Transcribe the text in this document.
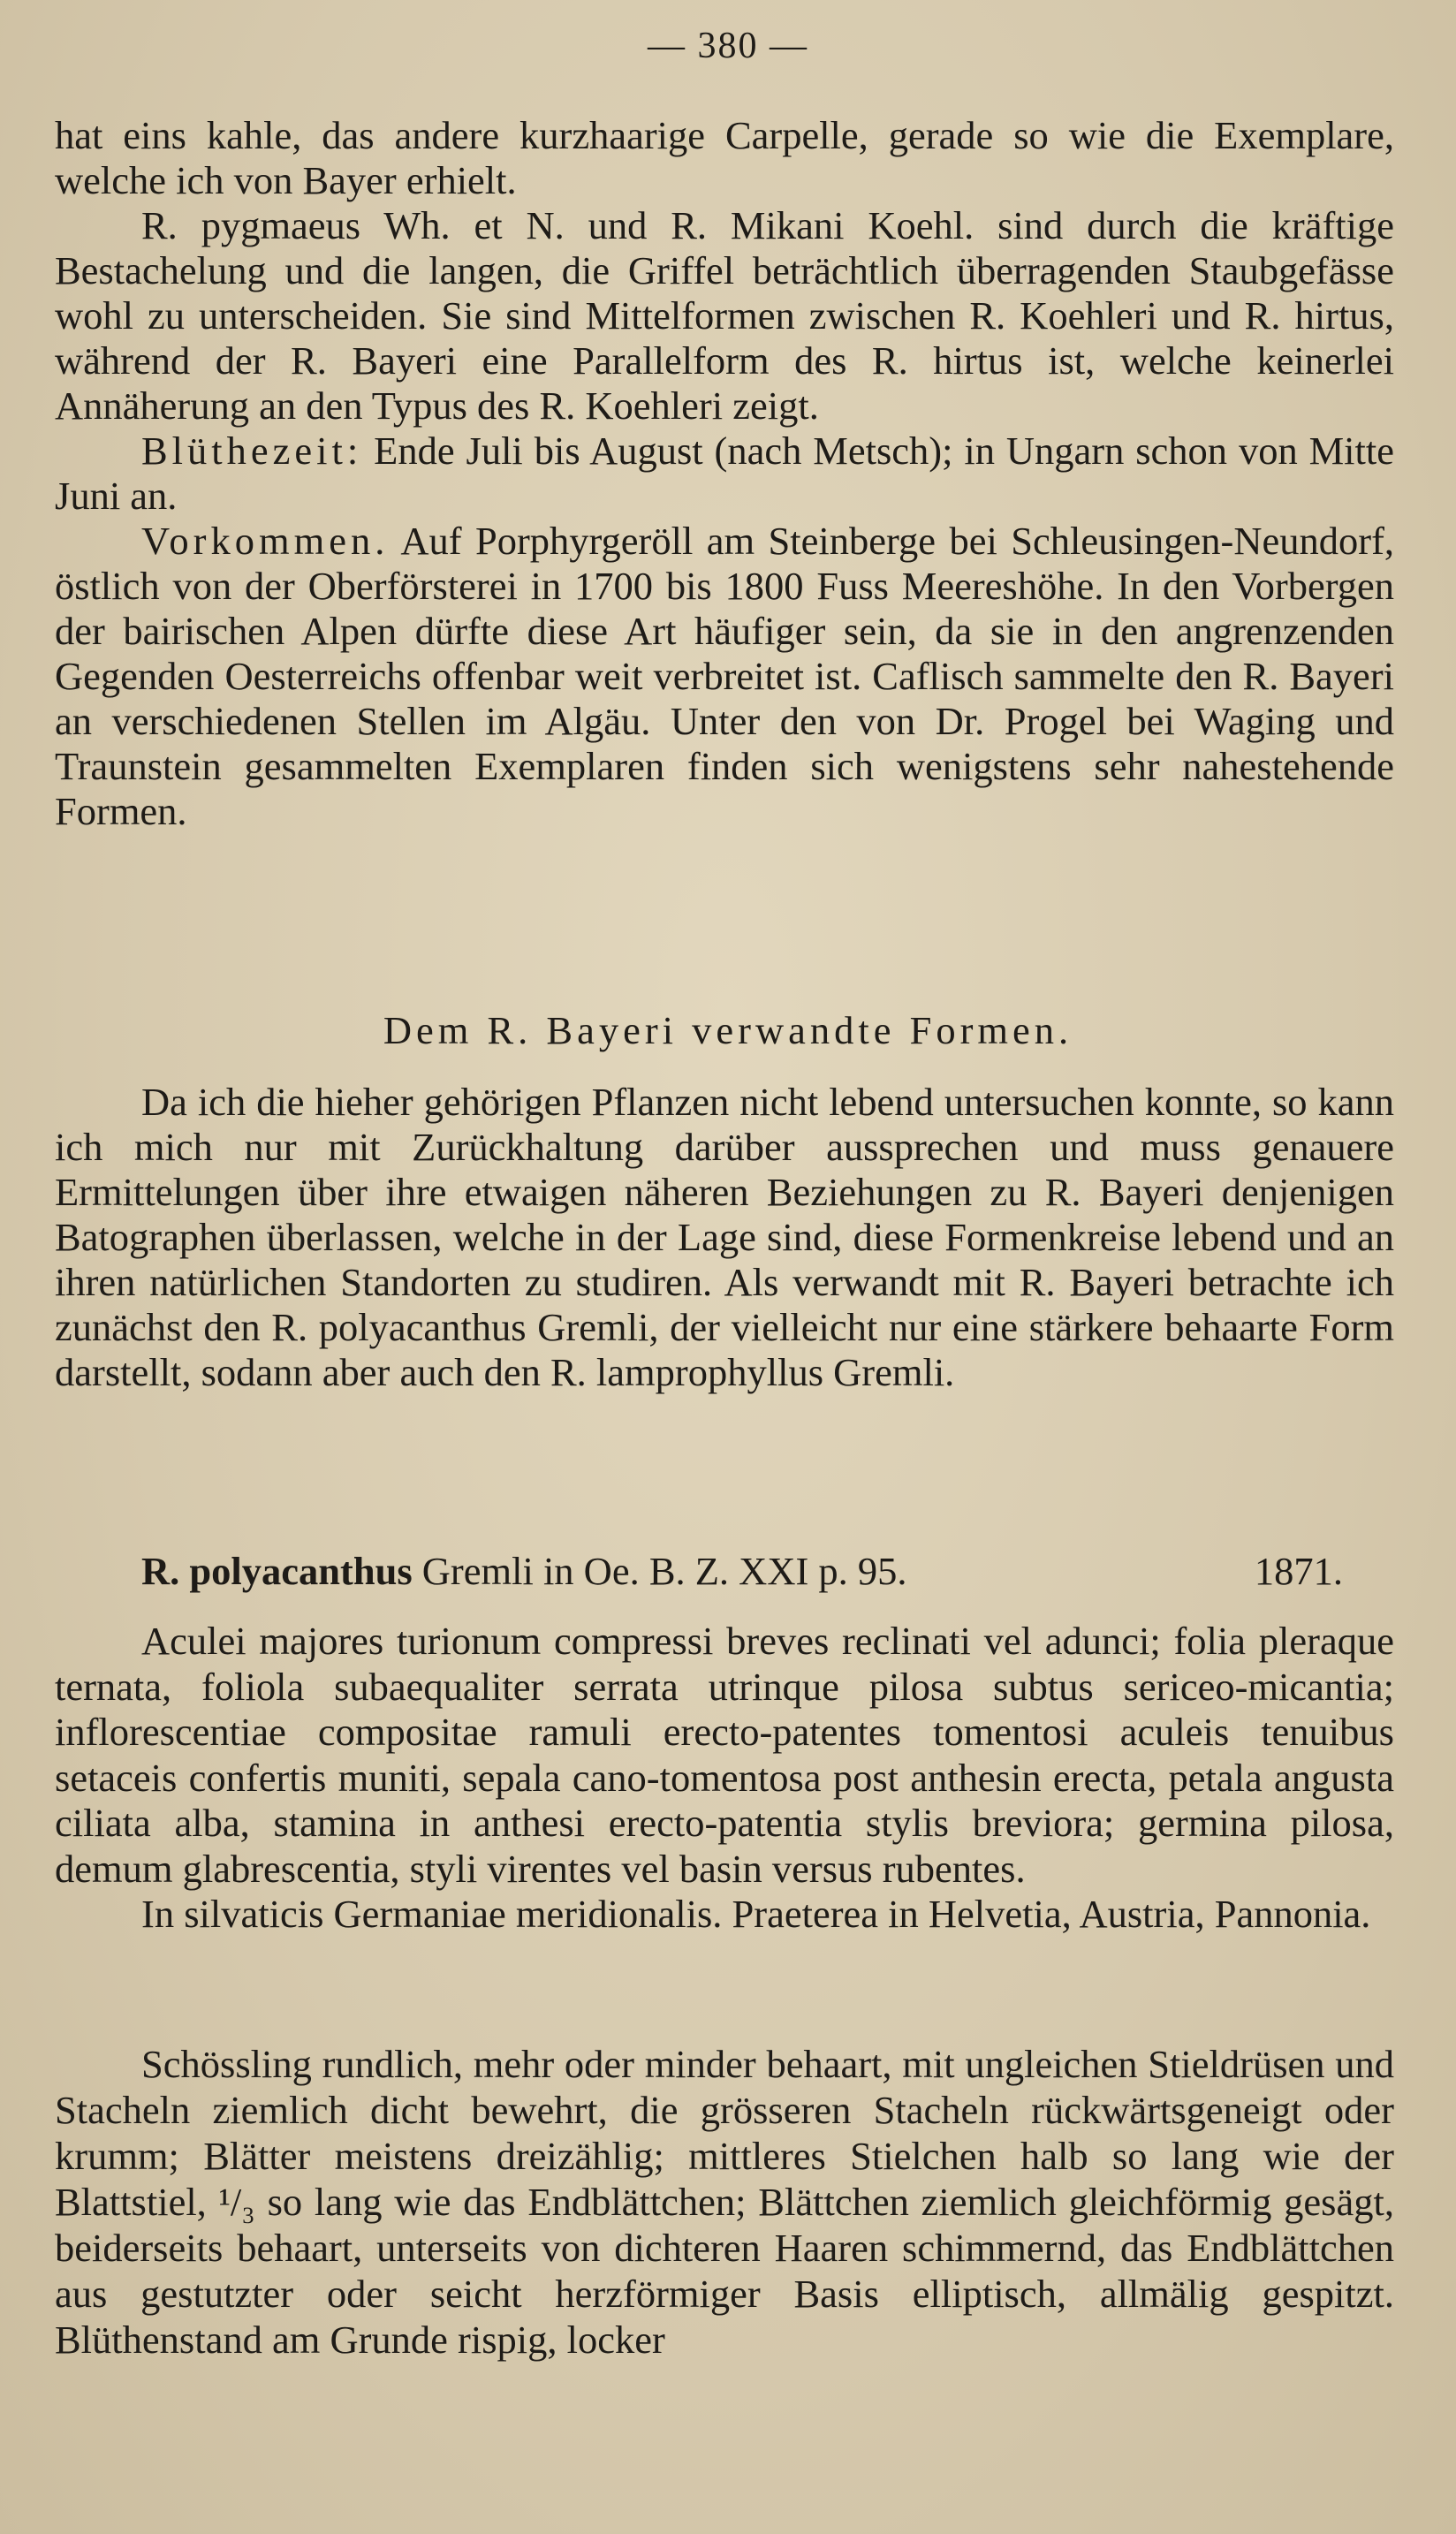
— 380 —

hat eins kahle, das andere kurzhaarige Carpelle, gerade so wie die Exemplare, welche ich von Bayer erhielt.

R. pygmaeus Wh. et N. und R. Mikani Koehl. sind durch die kräftige Bestachelung und die langen, die Griffel beträchtlich überragenden Staubgefässe wohl zu unterscheiden. Sie sind Mittelformen zwischen R. Koehleri und R. hirtus, während der R. Bayeri eine Parallelform des R. hirtus ist, welche keinerlei Annäherung an den Typus des R. Koehleri zeigt.

Blüthezeit: Ende Juli bis August (nach Metsch); in Ungarn schon von Mitte Juni an.

Vorkommen. Auf Porphyrgeröll am Steinberge bei Schleusingen-Neundorf, östlich von der Oberförsterei in 1700 bis 1800 Fuss Meereshöhe. In den Vorbergen der bairischen Alpen dürfte diese Art häufiger sein, da sie in den angrenzenden Gegenden Oesterreichs offenbar weit verbreitet ist. Caflisch sammelte den R. Bayeri an verschiedenen Stellen im Algäu. Unter den von Dr. Progel bei Waging und Traunstein gesammelten Exemplaren finden sich wenigstens sehr nahestehende Formen.

Dem R. Bayeri verwandte Formen.

Da ich die hieher gehörigen Pflanzen nicht lebend untersuchen konnte, so kann ich mich nur mit Zurückhaltung darüber aussprechen und muss genauere Ermittelungen über ihre etwaigen näheren Beziehungen zu R. Bayeri denjenigen Batographen überlassen, welche in der Lage sind, diese Formenkreise lebend und an ihren natürlichen Standorten zu studiren. Als verwandt mit R. Bayeri betrachte ich zunächst den R. polyacanthus Gremli, der vielleicht nur eine stärkere behaarte Form darstellt, sodann aber auch den R. lamprophyllus Gremli.

R. polyacanthus Gremli in Oe. B. Z. XXI p. 95.	1871.

Aculei majores turionum compressi breves reclinati vel adunci; folia pleraque ternata, foliola subaequaliter serrata utrinque pilosa subtus sericeo-micantia; inflorescentiae compositae ramuli erecto-patentes tomentosi aculeis tenuibus setaceis confertis muniti, sepala cano-tomentosa post anthesin erecta, petala angusta ciliata alba, stamina in anthesi erecto-patentia stylis breviora; germina pilosa, demum glabrescentia, styli virentes vel basin versus rubentes.

In silvaticis Germaniae meridionalis. Praeterea in Helvetia, Austria, Pannonia.

Schössling rundlich, mehr oder minder behaart, mit ungleichen Stieldrüsen und Stacheln ziemlich dicht bewehrt, die grösseren Stacheln rückwärtsgeneigt oder krumm; Blätter meistens dreizählig; mittleres Stielchen halb so lang wie der Blattstiel, ¹/₃ so lang wie das Endblättchen; Blättchen ziemlich gleichförmig gesägt, beiderseits behaart, unterseits von dichteren Haaren schimmernd, das Endblättchen aus gestutzter oder seicht herzförmiger Basis elliptisch, allmälig gespitzt. Blüthenstand am Grunde rispig, locker
